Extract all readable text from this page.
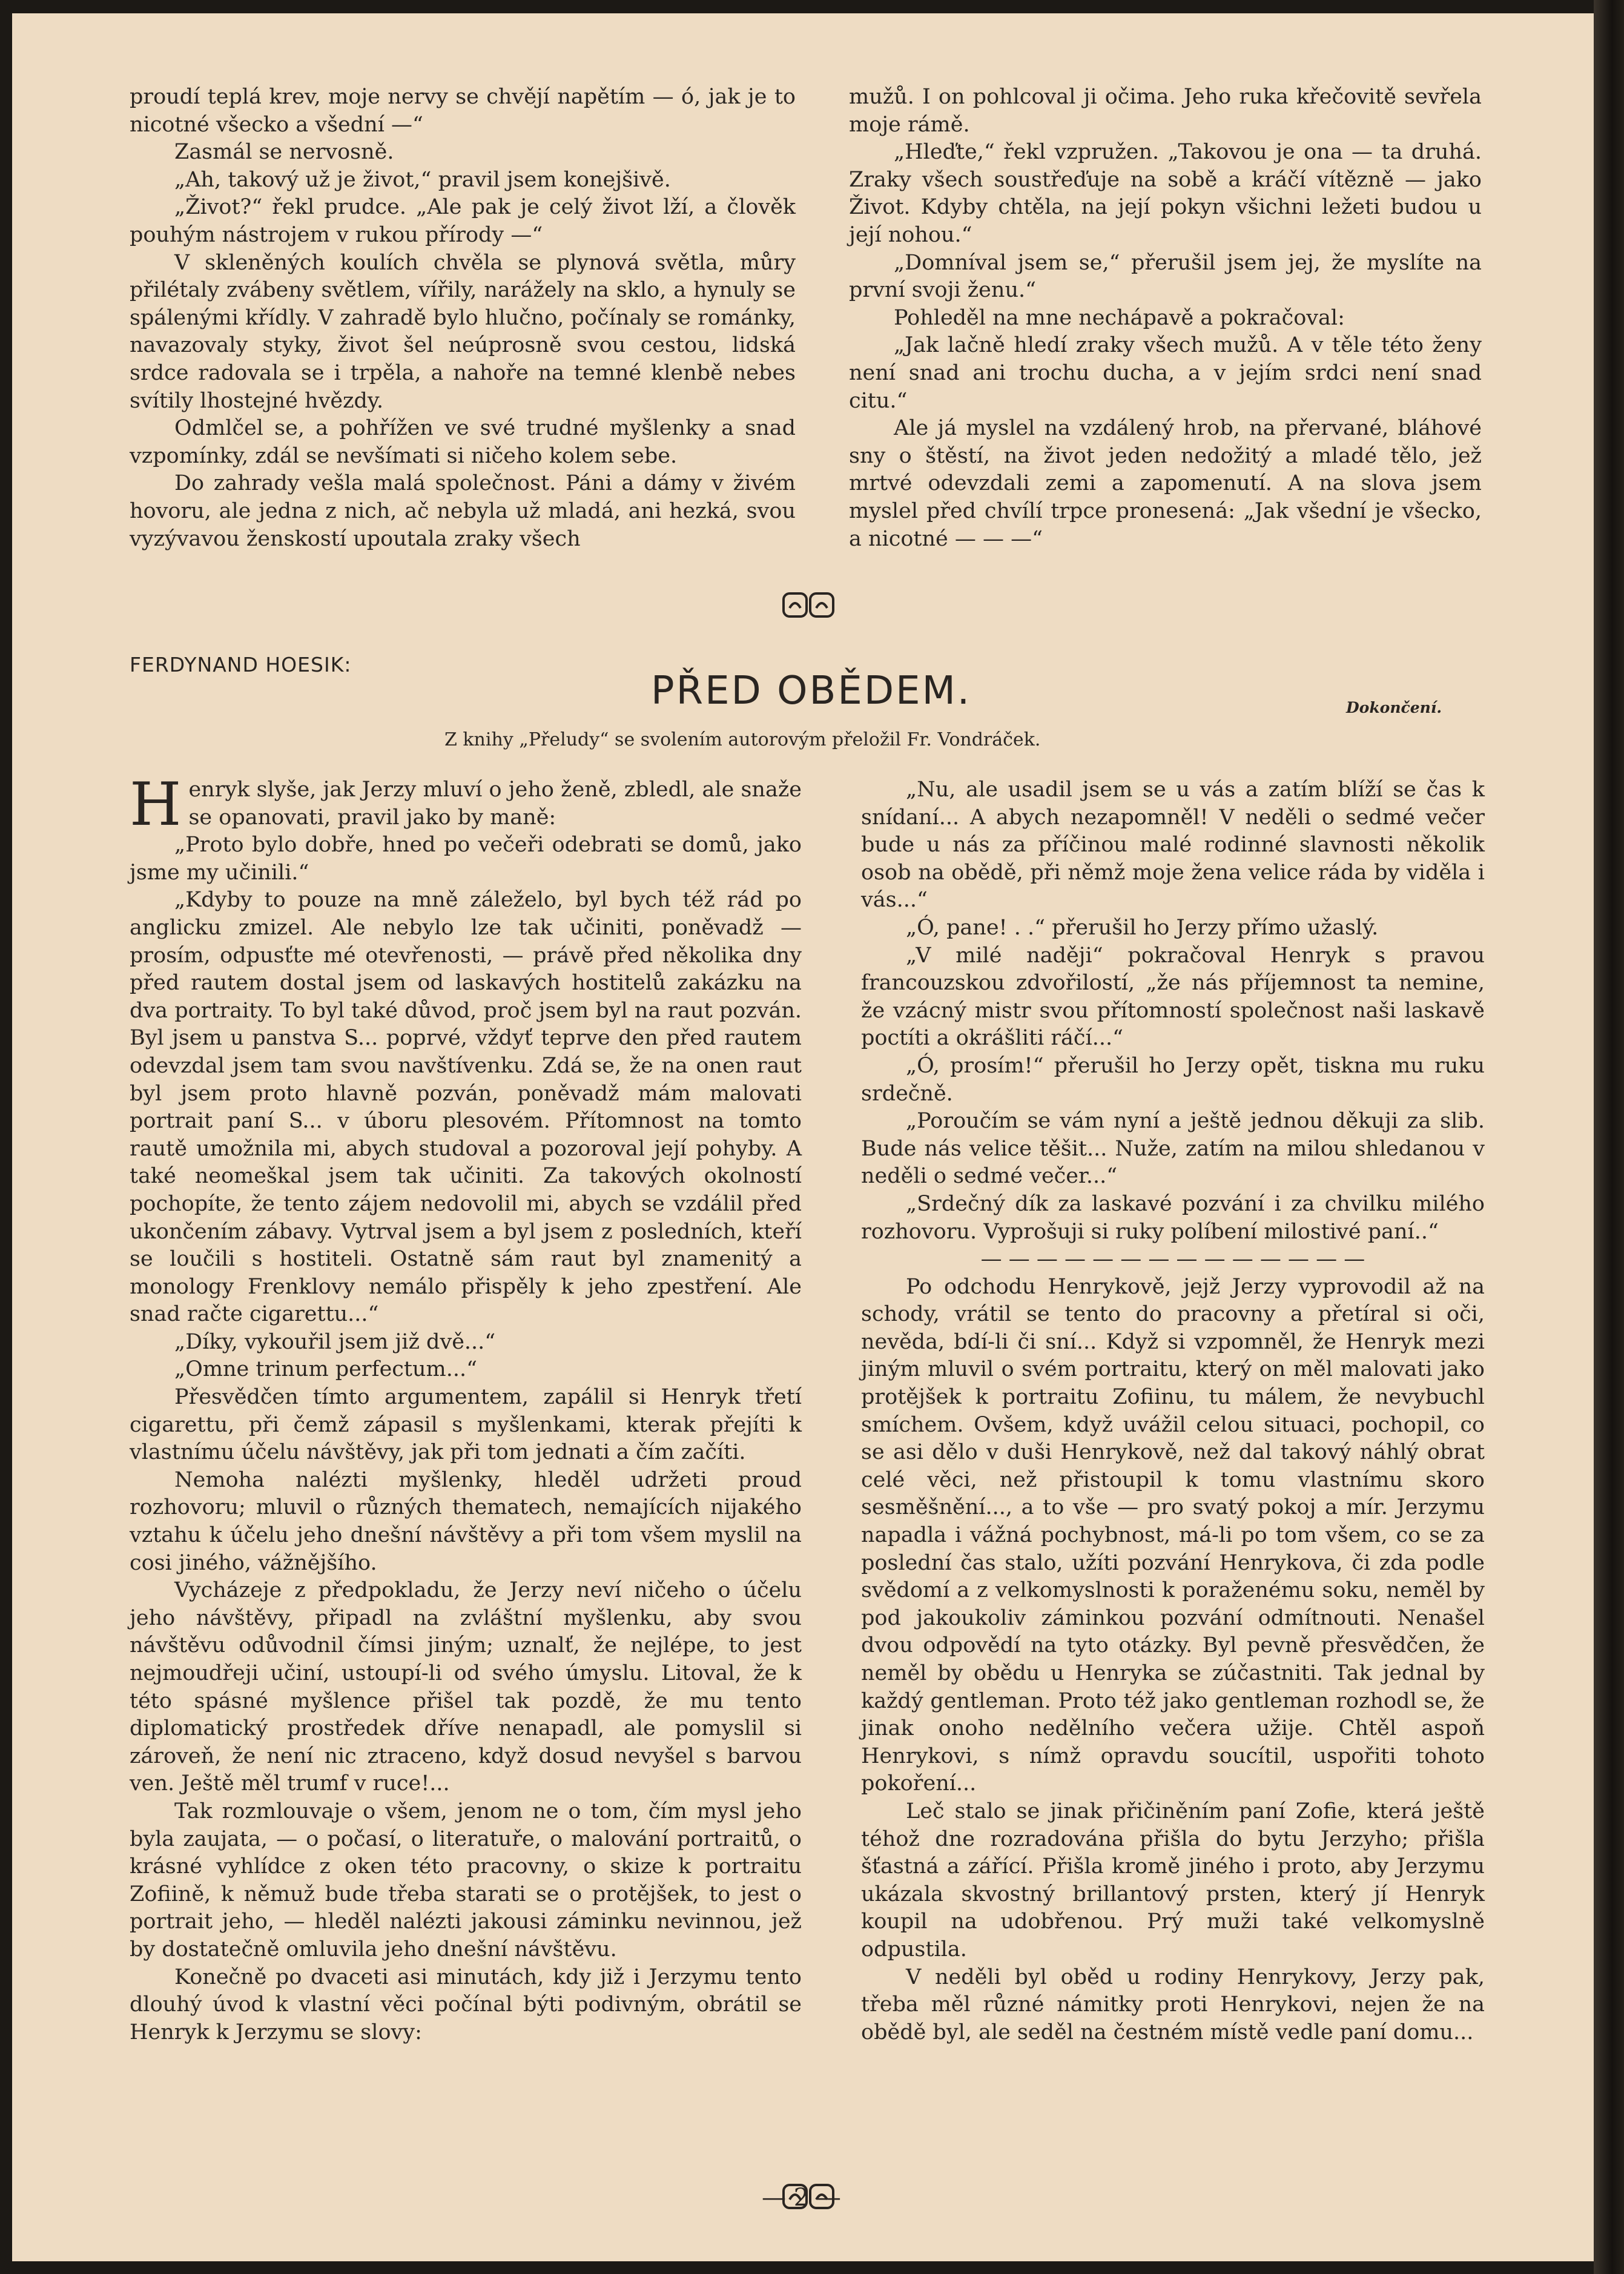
proudí teplá krev, moje nervy se chvějí napětím — ó, jak je to nicotné všecko a všední —“

Zasmál se nervosně.

„Ah, takový už je život,“ pravil jsem konejšivě.

„Život?“ řekl prudce. „Ale pak je celý život lží, a člověk pouhým nástrojem v rukou přírody —“

V skleněných koulích chvěla se plynová světla, můry přilétaly zvábeny světlem, vířily, narážely na sklo, a hynuly se spálenými křídly. V zahradě bylo hlučno, počínaly se románky, navazovaly styky, život šel neúprosně svou cestou, lidská srdce radovala se i trpěla, a nahoře na temné klenbě nebes svítily lhostejné hvězdy.

Odmlčel se, a pohřížen ve své trudné myšlenky a snad vzpomínky, zdál se nevšímati si ničeho kolem sebe.

Do zahrady vešla malá společnost. Páni a dámy v živém hovoru, ale jedna z nich, ač nebyla už mladá, ani hezká, svou vyzývavou ženskostí upoutala zraky všech

mužů. I on pohlcoval ji očima. Jeho ruka křečovitě sevřela moje rámě.

„Hleďte,“ řekl vzpružen. „Takovou je ona — ta druhá. Zraky všech soustřeďuje na sobě a kráčí vítězně — jako Život. Kdyby chtěla, na její pokyn všichni ležeti budou u její nohou.“

„Domníval jsem se,“ přerušil jsem jej, že myslíte na první svoji ženu.“

Pohleděl na mne nechápavě a pokračoval:

„Jak lačně hledí zraky všech mužů. A v těle této ženy není snad ani trochu ducha, a v jejím srdci není snad citu.“

Ale já myslel na vzdálený hrob, na přervané, bláhové sny o štěstí, na život jeden nedožitý a mladé tělo, jež mrtvé odevzdali zemi a zapomenutí. A na slova jsem myslel před chvílí trpce pronesená: „Jak všední je všecko, a nicotné — — —“

FERDYNAND HOESIK:
PŘED OBĚDEM.	Dokončení.
Z knihy „Přeludy“ se svolením autorovým přeložil Fr. Vondráček.

Henryk slyše, jak Jerzy mluví o jeho ženě, zbledl, ale snaže se opanovati, pravil jako by maně:

„Proto bylo dobře, hned po večeři odebrati se domů, jako jsme my učinili.“

„Kdyby to pouze na mně záleželo, byl bych též rád po anglicku zmizel. Ale nebylo lze tak učiniti, poněvadž — prosím, odpusťte mé otevřenosti, — právě před několika dny před rautem dostal jsem od laskavých hostitelů zakázku na dva portraity. To byl také důvod, proč jsem byl na raut pozván. Byl jsem u panstva S... poprvé, vždyť teprve den před rautem odevzdal jsem tam svou navštívenku. Zdá se, že na onen raut byl jsem proto hlavně pozván, poněvadž mám malovati portrait paní S... v úboru plesovém. Přítomnost na tomto rautě umožnila mi, abych studoval a pozoroval její pohyby. A také neomeškal jsem tak učiniti. Za takových okolností pochopíte, že tento zájem nedovolil mi, abych se vzdálil před ukončením zábavy. Vytrval jsem a byl jsem z posledních, kteří se loučili s hostiteli. Ostatně sám raut byl znamenitý a monology Frenklovy nemálo přispěly k jeho zpestření. Ale snad račte cigarettu...“

„Díky, vykouřil jsem již dvě...“

„Omne trinum perfectum...“

Přesvědčen tímto argumentem, zapálil si Henryk třetí cigarettu, při čemž zápasil s myšlenkami, kterak přejíti k vlastnímu účelu návštěvy, jak při tom jednati a čím začíti.

Nemoha nalézti myšlenky, hleděl udržeti proud rozhovoru; mluvil o různých thematech, nemajících nijakého vztahu k účelu jeho dnešní návštěvy a při tom všem myslil na cosi jiného, vážnějšího.

Vycházeje z předpokladu, že Jerzy neví ničeho o účelu jeho návštěvy, připadl na zvláštní myšlenku, aby svou návštěvu odůvodnil čímsi jiným; uznalť, že nejlépe, to jest nejmoudřeji učiní, ustoupí-li od svého úmyslu. Litoval, že k této spásné myšlence přišel tak pozdě, že mu tento diplomatický prostředek dříve nenapadl, ale pomyslil si zároveň, že není nic ztraceno, když dosud nevyšel s barvou ven. Ještě měl trumf v ruce!...

Tak rozmlouvaje o všem, jenom ne o tom, čím mysl jeho byla zaujata, — o počasí, o literatuře, o malování portraitů, o krásné vyhlídce z oken této pracovny, o skize k portraitu Zofiině, k němuž bude třeba starati se o protějšek, to jest o portrait jeho, — hleděl nalézti jakousi záminku nevinnou, jež by dostatečně omluvila jeho dnešní návštěvu.

Konečně po dvaceti asi minutách, kdy již i Jerzymu tento dlouhý úvod k vlastní věci počínal býti podivným, obrátil se Henryk k Jerzymu se slovy:

„Nu, ale usadil jsem se u vás a zatím blíží se čas k snídaní... A abych nezapomněl! V neděli o sedmé večer bude u nás za příčinou malé rodinné slavnosti několik osob na obědě, při němž moje žena velice ráda by viděla i vás...“

„Ó, pane! . .“ přerušil ho Jerzy přímo užaslý.

„V milé naději“ pokračoval Henryk s pravou francouzskou zdvořilostí, „že nás příjemnost ta nemine, že vzácný mistr svou přítomností společnost naši laskavě poctíti a okrášliti ráčí...“

„Ó, prosím!“ přerušil ho Jerzy opět, tiskna mu ruku srdečně.

„Poroučím se vám nyní a ještě jednou děkuji za slib. Bude nás velice těšit... Nuže, zatím na milou shledanou v neděli o sedmé večer...“

„Srdečný dík za laskavé pozvání i za chvilku milého rozhovoru. Vyprošuji si ruky políbení milostivé paní..“

— — — — — — — — — — — — — —

Po odchodu Henrykově, jejž Jerzy vyprovodil až na schody, vrátil se tento do pracovny a přetíral si oči, nevěda, bdí-li či sní... Když si vzpomněl, že Henryk mezi jiným mluvil o svém portraitu, který on měl malovati jako protějšek k portraitu Zofiinu, tu málem, že nevybuchl smíchem. Ovšem, když uvážil celou situaci, pochopil, co se asi dělo v duši Henrykově, než dal takový náhlý obrat celé věci, než přistoupil k tomu vlastnímu skoro sesměšnění..., a to vše — pro svatý pokoj a mír. Jerzymu napadla i vážná pochybnost, má-li po tom všem, co se za poslední čas stalo, užíti pozvání Henrykova, či zda podle svědomí a z velkomyslnosti k poraženému soku, neměl by pod jakoukoliv záminkou pozvání odmítnouti. Nenašel dvou odpovědí na tyto otázky. Byl pevně přesvědčen, že neměl by obědu u Henryka se zúčastniti. Tak jednal by každý gentleman. Proto též jako gentleman rozhodl se, že jinak onoho nedělního večera užije. Chtěl aspoň Henrykovi, s nímž opravdu soucítil, uspořiti tohoto pokoření...

Leč stalo se jinak přičiněním paní Zofie, která ještě téhož dne rozradována přišla do bytu Jerzyho; přišla šťastná a zářící. Přišla kromě jiného i proto, aby Jerzymu ukázala skvostný brillantový prsten, který jí Henryk koupil na udobřenou. Prý muži také velkomyslně odpustila.

V neděli byl oběd u rodiny Henrykovy, Jerzy pak, třeba měl různé námitky proti Henrykovi, nejen že na obědě byl, ale seděl na čestném místě vedle paní domu...

— 2 —
